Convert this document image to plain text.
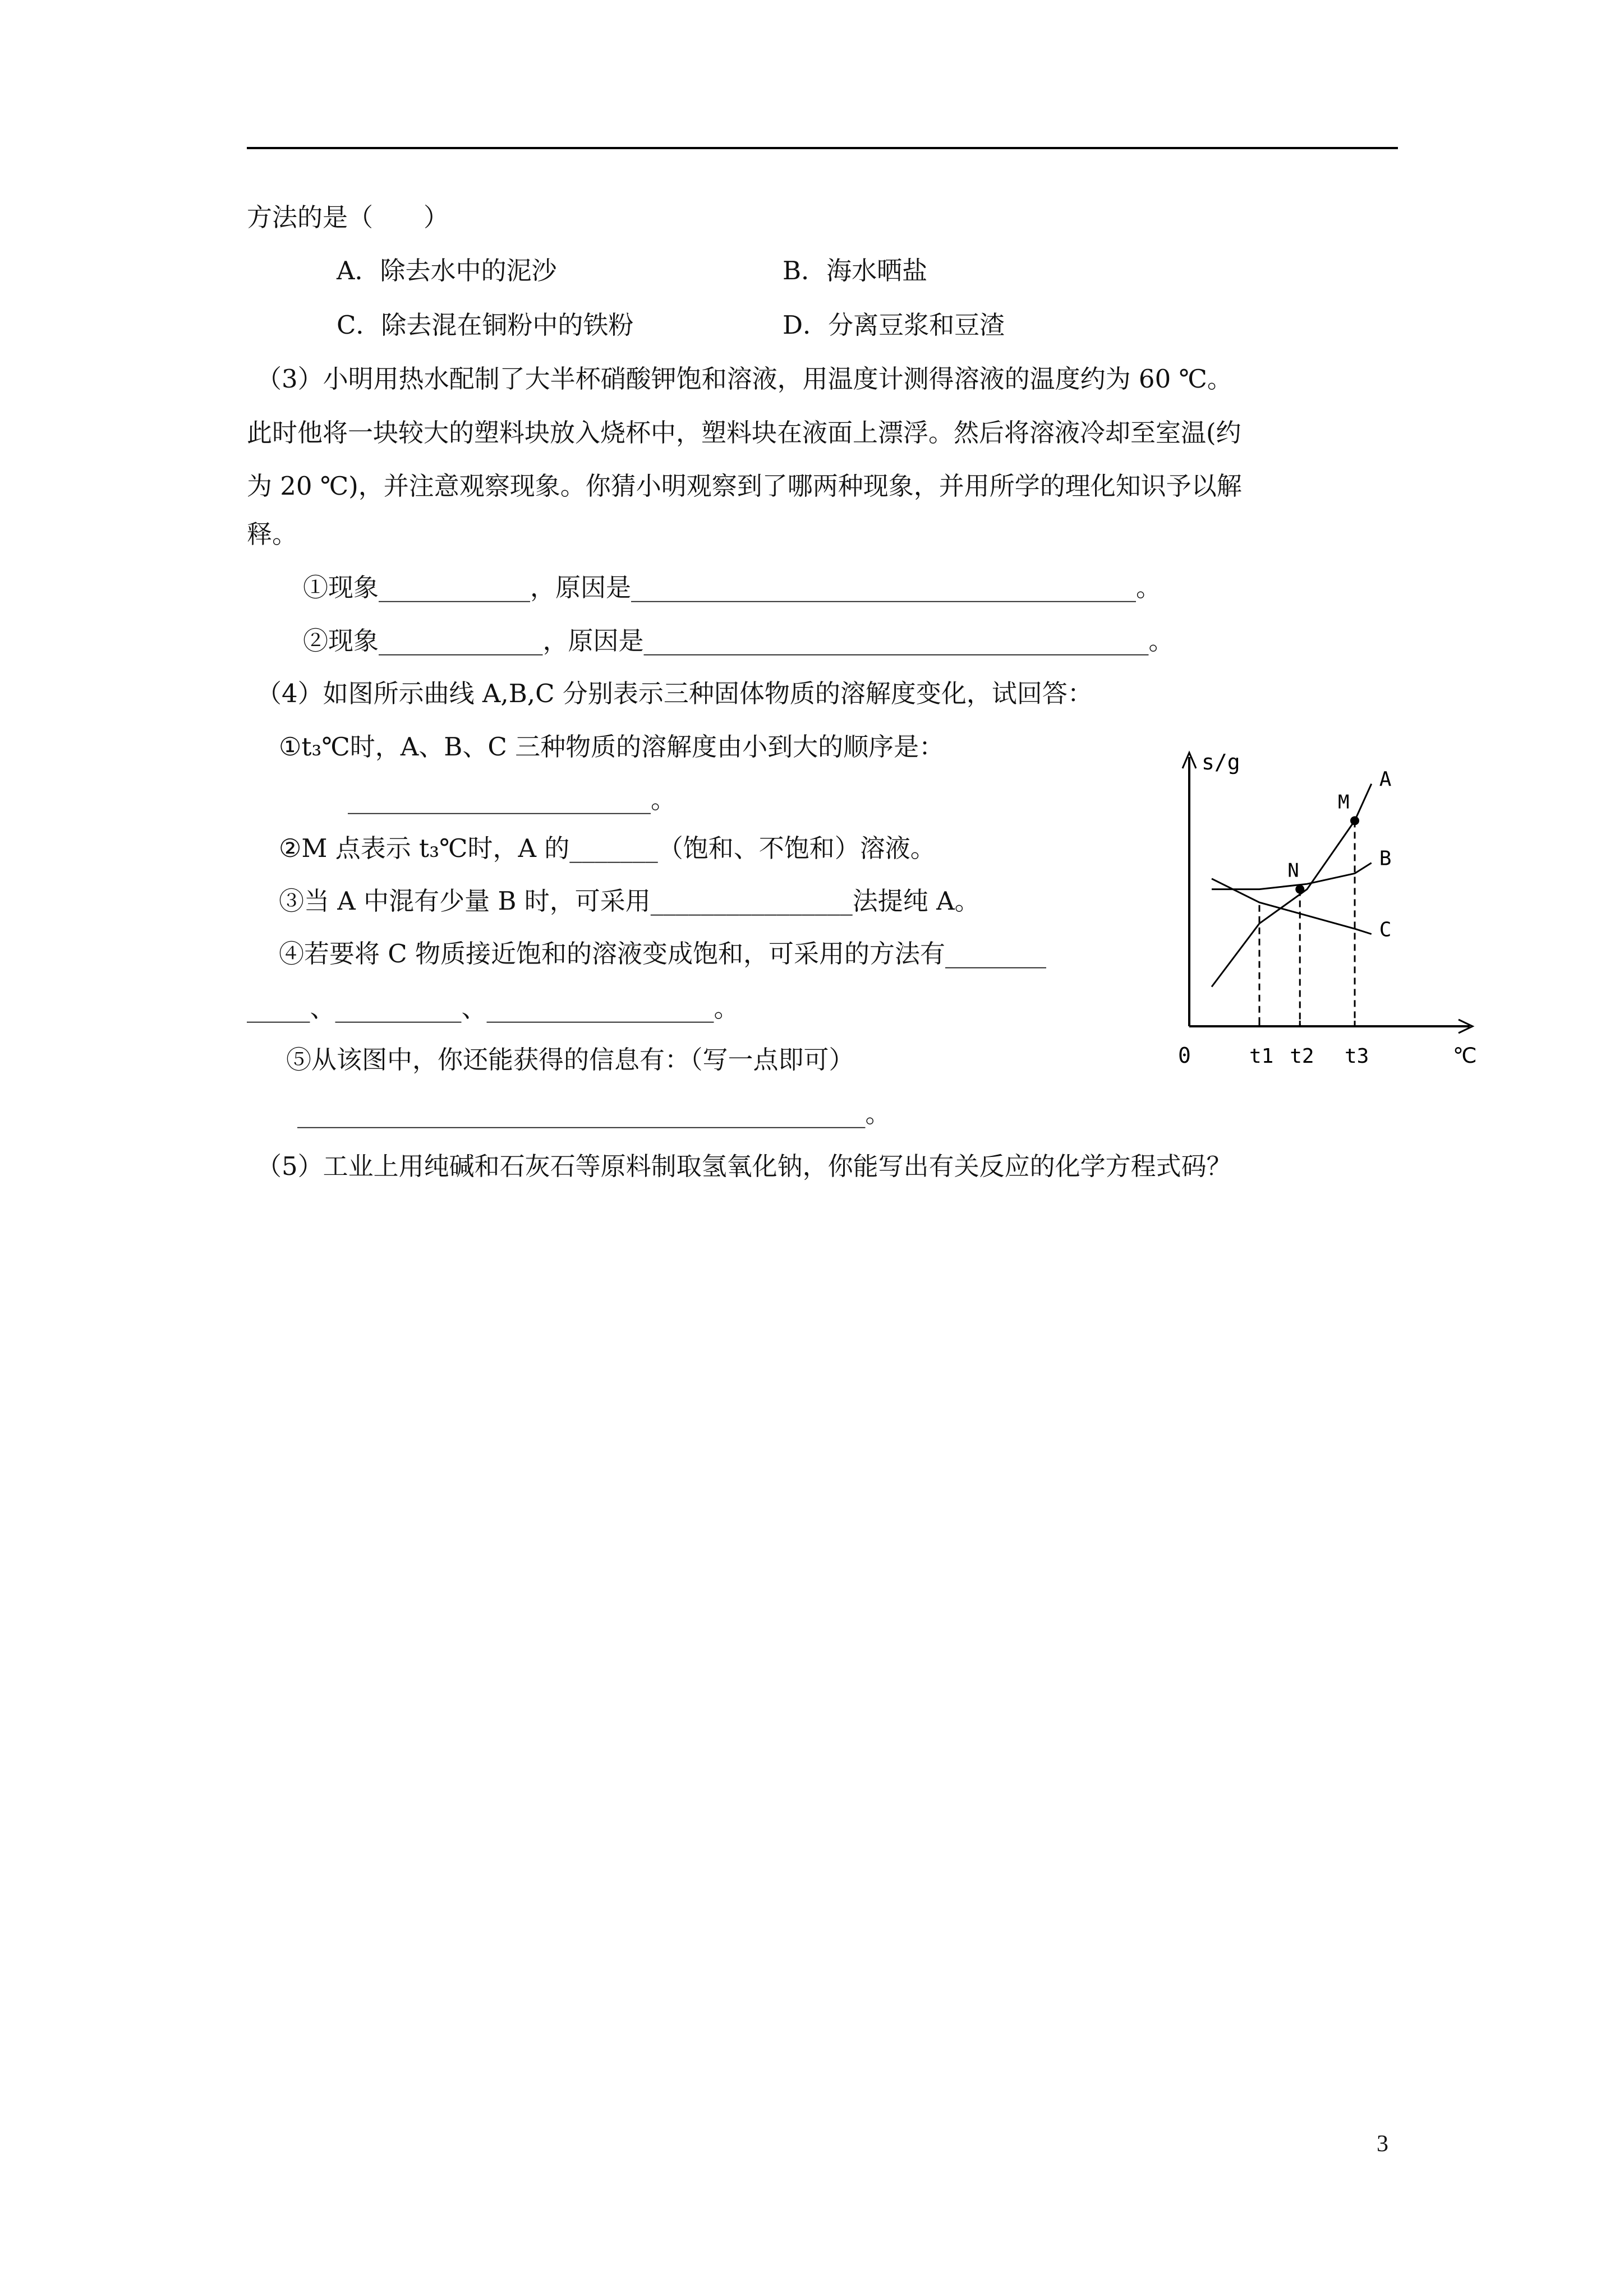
方法的是（　　）
A．除去水中的泥沙	B．海水晒盐
C．除去混在铜粉中的铁粉	D．分离豆浆和豆渣
（3）小明用热水配制了大半杯硝酸钾饱和溶液，用温度计测得溶液的温度约为 60 ℃。
此时他将一块较大的塑料块放入烧杯中，塑料块在液面上漂浮。然后将溶液冷却至室温(约
为 20 ℃)，并注意观察现象。你猜小明观察到了哪两种现象，并用所学的理化知识予以解
释。
①现象____________，原因是________________________________________。
②现象_____________，原因是________________________________________。
（4）如图所示曲线 A,B,C 分别表示三种固体物质的溶解度变化，试回答：
①t₃℃时，A、B、C 三种物质的溶解度由小到大的顺序是：
________________________。
②M 点表示 t₃℃时，A 的_______（饱和、不饱和）溶液。
③当 A 中混有少量 B 时，可采用________________法提纯 A。
④若要将 C 物质接近饱和的溶液变成饱和，可采用的方法有________
_____、__________、__________________。
⑤从该图中，你还能获得的信息有：（写一点即可）
_____________________________________________。
（5）工业上用纯碱和石灰石等原料制取氢氧化钠，你能写出有关反应的化学方程式码？
s/g
℃
0	t1 t2 t3
A
B
C
M
N
3
